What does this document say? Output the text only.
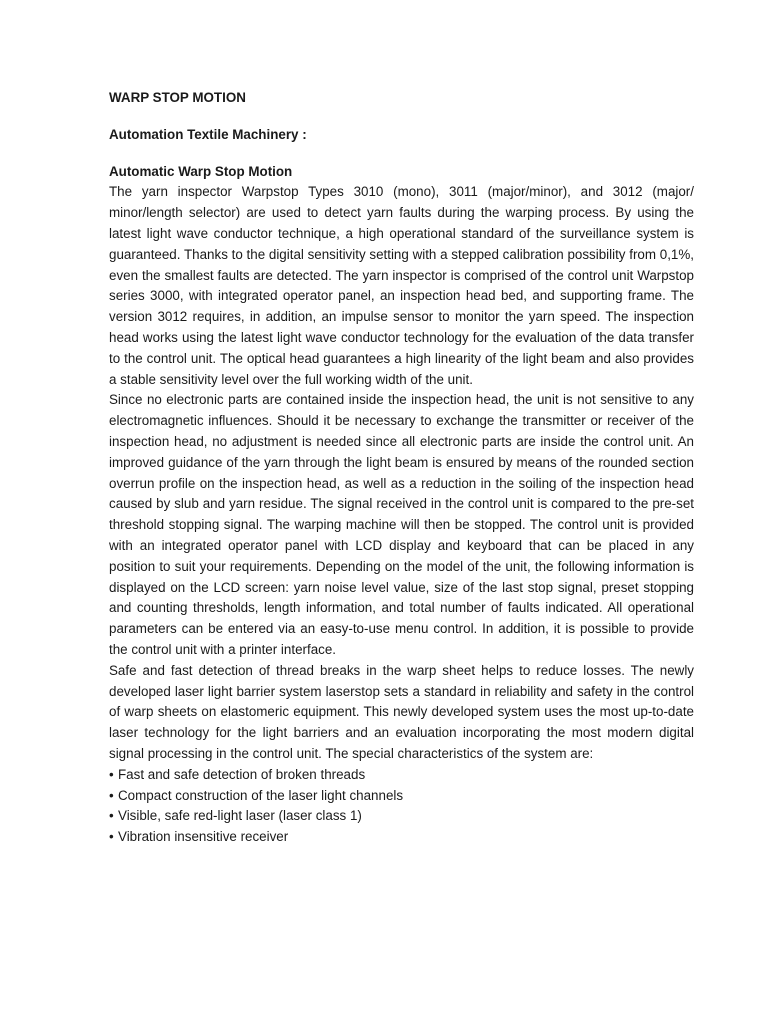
WARP STOP MOTION

Automation Textile Machinery :

Automatic Warp Stop Motion

The yarn inspector Warpstop Types 3010 (mono), 3011 (major/minor), and 3012 (major/ minor/length selector) are used to detect yarn faults during the warping process. By using the latest light wave conductor technique, a high operational standard of the surveillance system is guaranteed. Thanks to the digital sensitivity setting with a stepped calibration possibility from 0,1%, even the smallest faults are detected. The yarn inspector is comprised of the control unit Warpstop series 3000, with integrated operator panel, an inspection head bed, and supporting frame. The version 3012 requires, in addition, an impulse sensor to monitor the yarn speed. The inspection head works using the latest light wave conductor technology for the evaluation of the data transfer to the control unit. The optical head guarantees a high linearity of the light beam and also provides a stable sensitivity level over the full working width of the unit.

Since no electronic parts are contained inside the inspection head, the unit is not sensitive to any electromagnetic influences. Should it be necessary to exchange the transmitter or receiver of the inspection head, no adjustment is needed since all electronic parts are inside the control unit. An improved guidance of the yarn through the light beam is ensured by means of the rounded section overrun profile on the inspection head, as well as a reduction in the soiling of the inspection head caused by slub and yarn residue. The signal received in the control unit is compared to the pre-set threshold stopping signal. The warping machine will then be stopped. The control unit is provided with an integrated operator panel with LCD display and keyboard that can be placed in any position to suit your requirements. Depending on the model of the unit, the following information is displayed on the LCD screen: yarn noise level value, size of the last stop signal, preset stopping and counting thresholds, length information, and total number of faults indicated. All operational parameters can be entered via an easy-to-use menu control. In addition, it is possible to provide the control unit with a printer interface.

Safe and fast detection of thread breaks in the warp sheet helps to reduce losses. The newly developed laser light barrier system laserstop sets a standard in reliability and safety in the control of warp sheets on elastomeric equipment. This newly developed system uses the most up-to-date laser technology for the light barriers and an evaluation incorporating the most modern digital signal processing in the control unit. The special characteristics of the system are:

• Fast and safe detection of broken threads
• Compact construction of the laser light channels
• Visible, safe red-light laser (laser class 1)
• Vibration insensitive receiver
